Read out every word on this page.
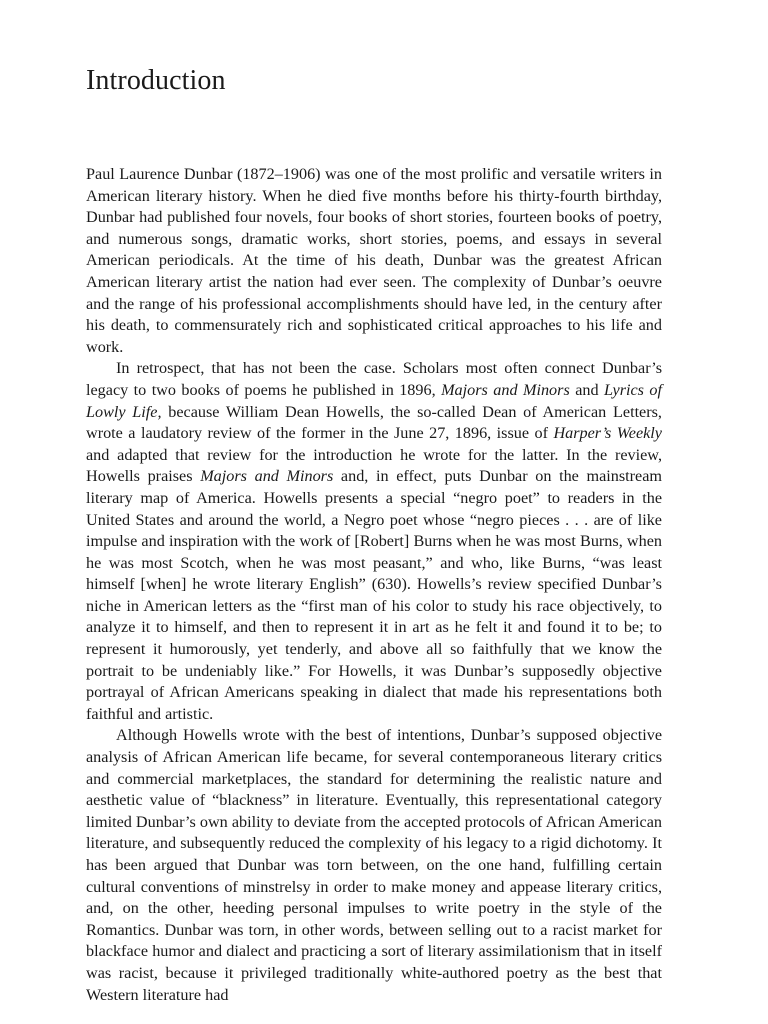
Introduction

Paul Laurence Dunbar (1872–1906) was one of the most prolific and versatile writers in American literary history. When he died five months before his thirty-fourth birthday, Dunbar had published four novels, four books of short stories, fourteen books of poetry, and numerous songs, dramatic works, short stories, poems, and essays in several American periodicals. At the time of his death, Dunbar was the greatest African American literary artist the nation had ever seen. The complexity of Dunbar’s oeuvre and the range of his professional accomplishments should have led, in the century after his death, to commensurately rich and sophisticated critical approaches to his life and work.

In retrospect, that has not been the case. Scholars most often connect Dunbar’s legacy to two books of poems he published in 1896, Majors and Minors and Lyrics of Lowly Life, because William Dean Howells, the so-called Dean of American Letters, wrote a laudatory review of the former in the June 27, 1896, issue of Harper’s Weekly and adapted that review for the introduction he wrote for the latter. In the review, Howells praises Majors and Minors and, in effect, puts Dunbar on the mainstream literary map of America. Howells presents a special “negro poet” to readers in the United States and around the world, a Negro poet whose “negro pieces . . . are of like impulse and inspiration with the work of [Robert] Burns when he was most Burns, when he was most Scotch, when he was most peasant,” and who, like Burns, “was least himself [when] he wrote literary English” (630). Howells’s review specified Dunbar’s niche in American letters as the “first man of his color to study his race objectively, to analyze it to himself, and then to represent it in art as he felt it and found it to be; to represent it humorously, yet tenderly, and above all so faithfully that we know the portrait to be undeniably like.” For Howells, it was Dunbar’s supposedly objective portrayal of African Americans speaking in dialect that made his representations both faithful and artistic.

Although Howells wrote with the best of intentions, Dunbar’s supposed objective analysis of African American life became, for several contemporaneous literary critics and commercial marketplaces, the standard for determining the realistic nature and aesthetic value of “blackness” in literature. Eventually, this representational category limited Dunbar’s own ability to deviate from the accepted protocols of African American literature, and subsequently reduced the complexity of his legacy to a rigid dichotomy. It has been argued that Dunbar was torn between, on the one hand, fulfilling certain cultural conventions of minstrelsy in order to make money and appease literary critics, and, on the other, heeding personal impulses to write poetry in the style of the Romantics. Dunbar was torn, in other words, between selling out to a racist market for blackface humor and dialect and practicing a sort of literary assimilationism that in itself was racist, because it privileged traditionally white-authored poetry as the best that Western literature had
